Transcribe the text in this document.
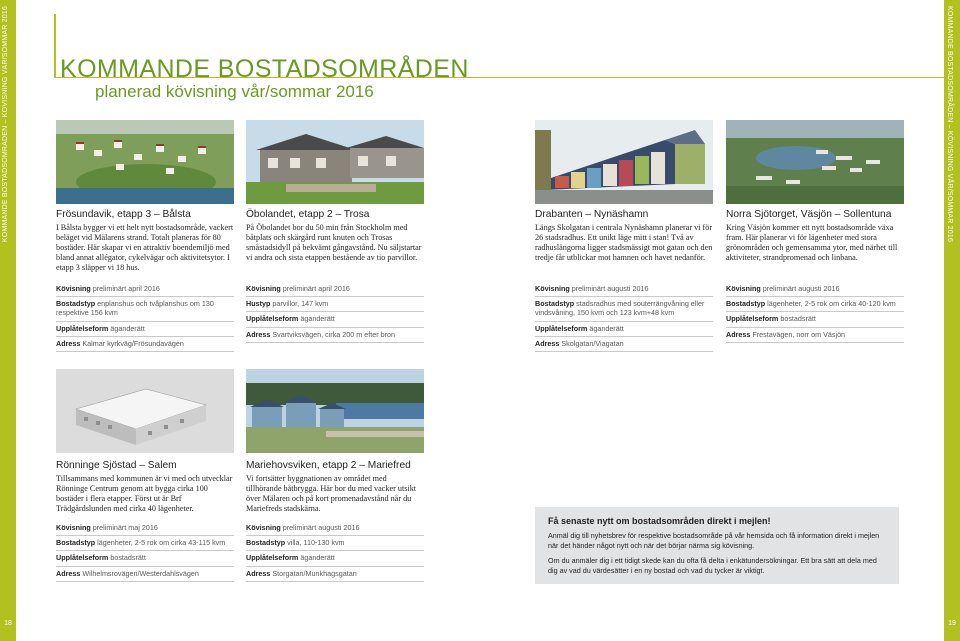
KOMMANDE BOSTADSOMRÅDEN – KÖVISNING VÅR/SOMMAR 2016
18
KOMMANDE BOSTADSOMRÅDEN – KÖVISNING VÅR/SOMMAR 2016
19
KOMMANDE BOSTADSOMRÅDEN
planerad kövisning vår/sommar 2016
Frösundavik, etapp 3 – Bålsta

I Bålsta bygger vi ett helt nytt bostadsområde, vackert beläget vid Mälarens strand. Totalt planeras för 80 bostäder. Här skapar vi en attraktiv boendemiljö med bland annat allégator, cykelvägar och aktivitetsytor. I etapp 3 släpper vi 18 hus.

Kövisning preliminärt april 2016
Bostadstyp enplanshus och tvåplanshus om 130 respektive 156 kvm
Upplåtelseform äganderätt
Adress Kalmar kyrkväg/Frösundavägen
Öbolandet, etapp 2 – Trosa

På Öbolandet bor du 50 min från Stockholm med båtplats och skärgård runt knuten och Trosas småstadsidyll på bekvämt gångavstånd. Nu säljstartar vi andra och sista etappen bestående av tio parvillor.

Kövisning preliminärt april 2016
Hustyp parvillor, 147 kvm
Upplåtelseform äganderätt
Adress Svartviksvägen, cirka 200 m efter bron
Rönninge Sjöstad – Salem

Tillsammans med kommunen är vi med och utvecklar Rönninge Centrum genom att bygga cirka 100 bostäder i flera etapper. Först ut är Brf Trädgårdslunden med cirka 40 lägenheter.

Kövisning preliminärt maj 2016
Bostadstyp lägenheter, 2-5 rok om cirka 43-115 kvm
Upplåtelseform bostadsrätt
Adress Wilhelmsrovägen/Westerdahlsvägen
Mariehovsviken, etapp 2 – Mariefred

Vi fortsätter byggnationen av området med tillhörande båtbrygga. Här bor du med vacker utsikt över Mälaren och på kort promenadavstånd når du Mariefreds stadskärna.

Kövisning preliminärt augusti 2016
Bostadstyp villa, 110-130 kvm
Upplåtelseform äganderätt
Adress Storgatan/Munkhagsgatan
Drabanten – Nynäshamn

Längs Skolgatan i centrala Nynäshamn planerar vi för 26 stadsradhus. Ett unikt läge mitt i stan! Två av radhuslängorna ligger stadsmässigt mot gatan och den tredje får utblickar mot hamnen och havet nedanför.

Kövisning preliminärt augusti 2016
Bostadstyp stadsradhus med souterrängvåning eller vindsvåning, 150 kvm och 123 kvm+48 kvm
Upplåtelseform äganderätt
Adress Skolgatan/Viagatan
Norra Sjötorget, Väsjön – Sollentuna

Kring Väsjön kommer ett nytt bostadsområde växa fram. Här planerar vi för lägenheter med stora grönområden och gemensamma ytor, med närhet till aktiviteter, strandpromenad och linbana.

Kövisning preliminärt augusti 2016
Bostadstyp lägenheter, 2-5 rok om cirka 40-120 kvm
Upplåtelseform bostadsrätt
Adress Frestavägen, norr om Väsjön
Få senaste nytt om bostadsområden direkt i mejlen!

Anmäl dig till nyhetsbrev för respektive bostadsområde på vår hemsida och få information direkt i mejlen när det händer något nytt och när det börjar närma sig kövisning.

Om du anmäler dig i ett tidigt skede kan du ofta få delta i enkätundersökningar. Ett bra sätt att dela med dig av vad du värdesätter i en ny bostad och vad du tycker är viktigt.
